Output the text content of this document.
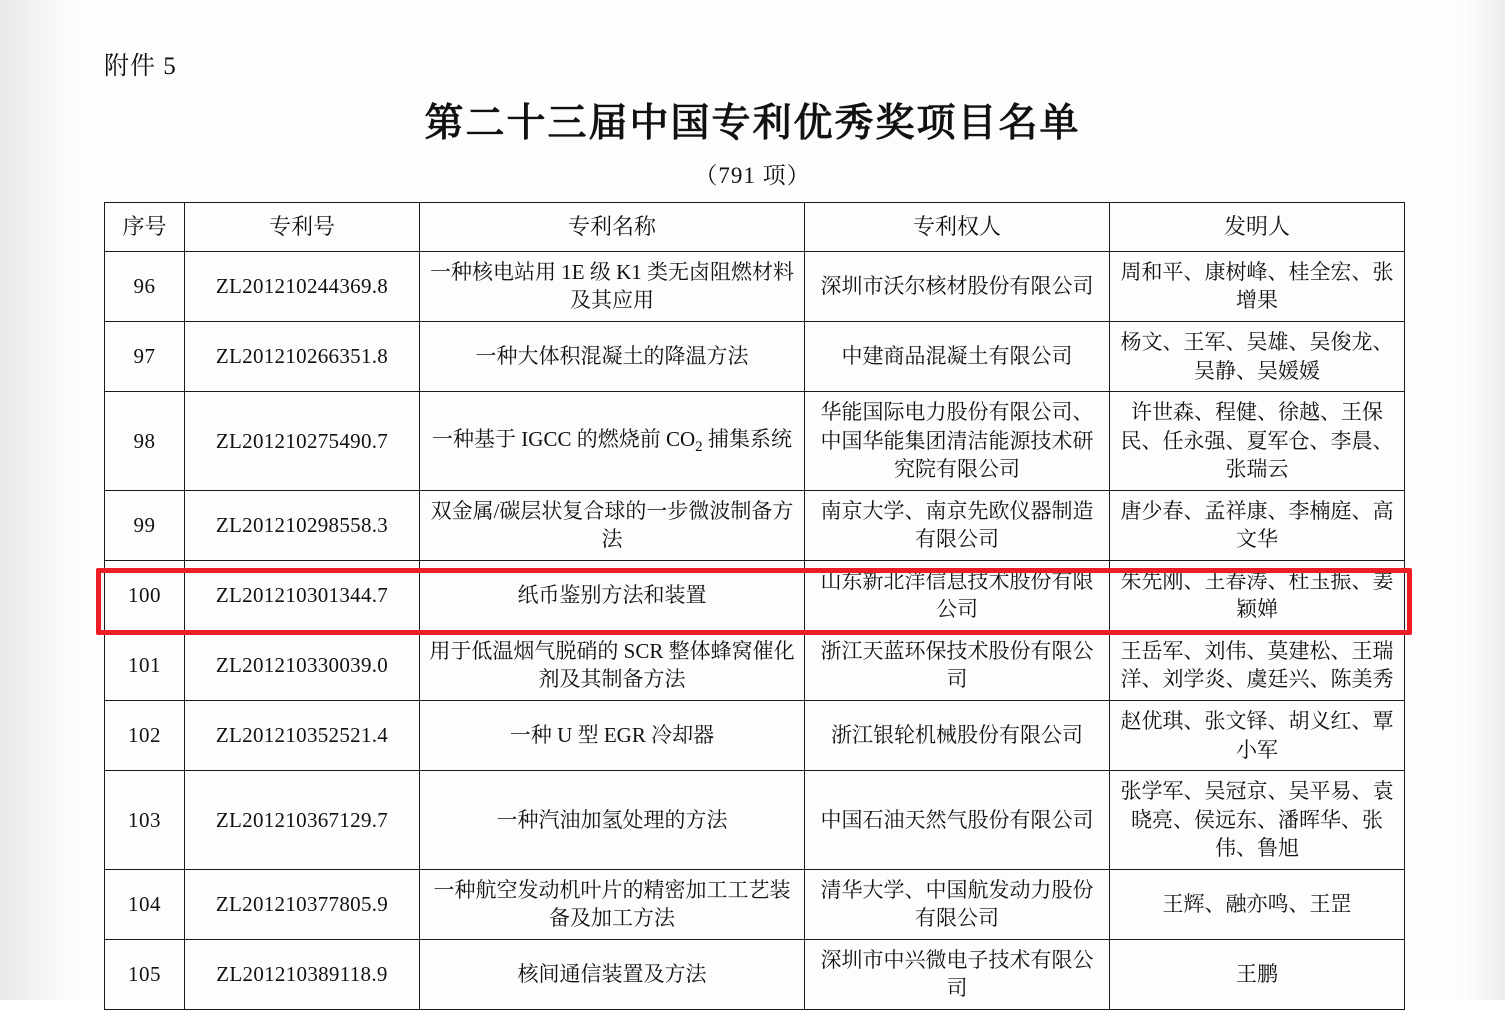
附件 5
第二十三届中国专利优秀奖项目名单
（791 项）
序号	专利号	专利名称	专利权人	发明人
96	ZL201210244369.8	一种核电站用 1E 级 K1 类无卤阻燃材料及其应用	深圳市沃尔核材股份有限公司	周和平、康树峰、桂全宏、张增果
97	ZL201210266351.8	一种大体积混凝土的降温方法	中建商品混凝土有限公司	杨文、王军、吴雄、吴俊龙、吴静、吴媛媛
98	ZL201210275490.7	一种基于 IGCC 的燃烧前 $CO_2$ 捕集系统	华能国际电力股份有限公司、中国华能集团清洁能源技术研究院有限公司	许世森、程健、徐越、王保民、任永强、夏军仓、李晨、张瑞云
99	ZL201210298558.3	双金属/碳层状复合球的一步微波制备方法	南京大学、南京先欧仪器制造有限公司	唐少春、孟祥康、李楠庭、高文华
100	ZL201210301344.7	纸币鉴别方法和装置	山东新北洋信息技术股份有限公司	朱先刚、王春涛、杜玉振、姜颖婵
101	ZL201210330039.0	用于低温烟气脱硝的 SCR 整体蜂窝催化剂及其制备方法	浙江天蓝环保技术股份有限公司	王岳军、刘伟、莫建松、王瑞洋、刘学炎、虞廷兴、陈美秀
102	ZL201210352521.4	一种 U 型 EGR 冷却器	浙江银轮机械股份有限公司	赵优琪、张文铎、胡义红、覃小军
103	ZL201210367129.7	一种汽油加氢处理的方法	中国石油天然气股份有限公司	张学军、吴冠京、吴平易、袁晓亮、侯远东、潘晖华、张伟、鲁旭
104	ZL201210377805.9	一种航空发动机叶片的精密加工工艺装备及加工方法	清华大学、中国航发动力股份有限公司	王辉、融亦鸣、王罡
105	ZL201210389118.9	核间通信装置及方法	深圳市中兴微电子技术有限公司	王鹏
